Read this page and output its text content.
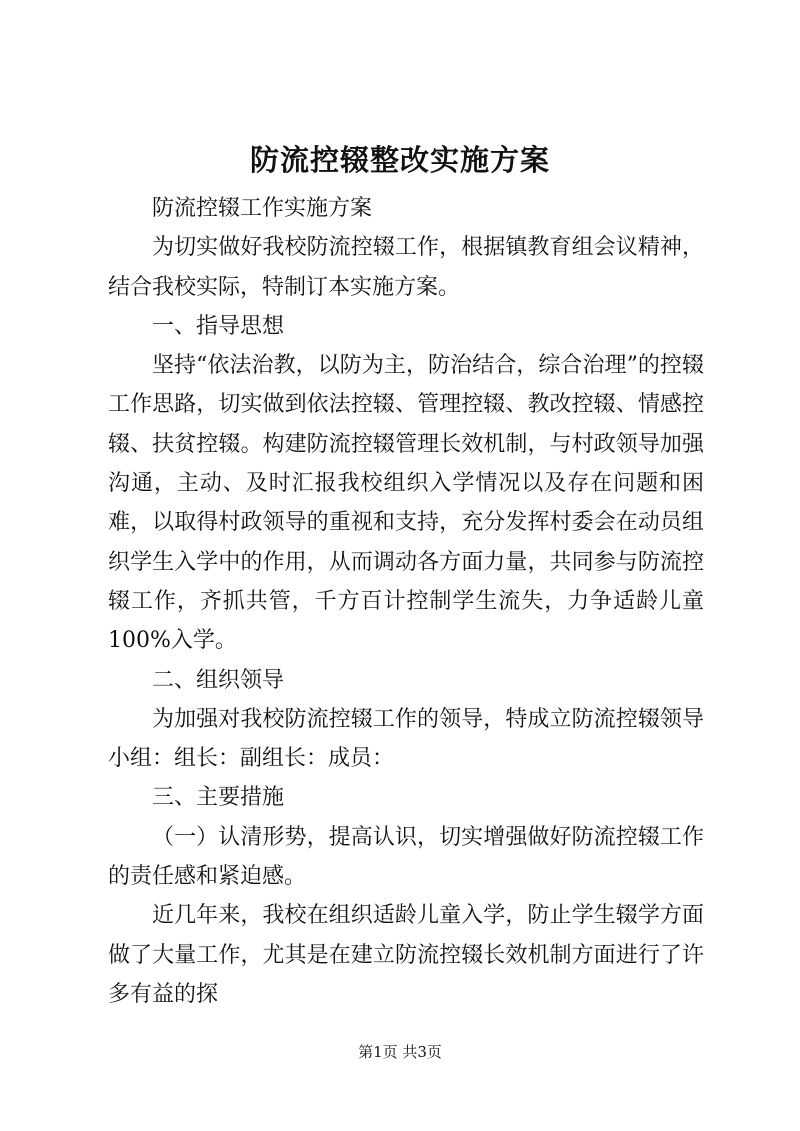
防流控辍整改实施方案

防流控辍工作实施方案

为切实做好我校防流控辍工作，根据镇教育组会议精神，结合我校实际，特制订本实施方案。

一、指导思想

坚持“依法治教，以防为主，防治结合，综合治理”的控辍工作思路，切实做到依法控辍、管理控辍、教改控辍、情感控辍、扶贫控辍。构建防流控辍管理长效机制，与村政领导加强沟通，主动、及时汇报我校组织入学情况以及存在问题和困难，以取得村政领导的重视和支持，充分发挥村委会在动员组织学生入学中的作用，从而调动各方面力量，共同参与防流控辍工作，齐抓共管，千方百计控制学生流失，力争适龄儿童100%入学。

二、组织领导

为加强对我校防流控辍工作的领导，特成立防流控辍领导小组：组长：副组长：成员：

三、主要措施

（一）认清形势，提高认识，切实增强做好防流控辍工作的责任感和紧迫感。

近几年来，我校在组织适龄儿童入学，防止学生辍学方面做了大量工作，尤其是在建立防流控辍长效机制方面进行了许多有益的探

第1页 共3页
